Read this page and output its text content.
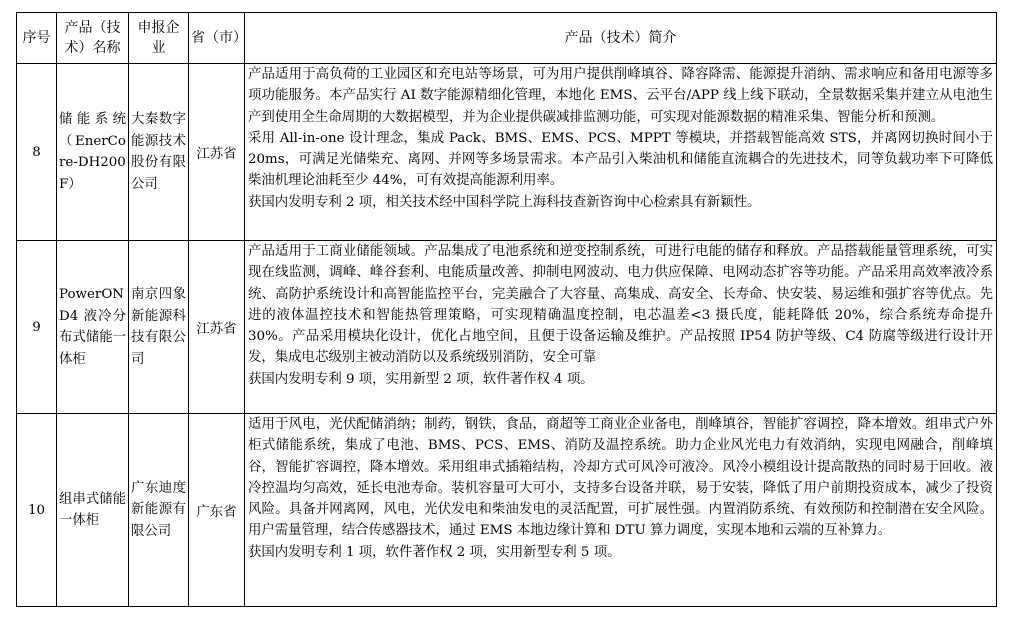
序号	产品（技术）名称	申报企业	省（市）	产品（技术）简介
8	储能系统（EnerCore-DH200F）	大秦数字能源技术股份有限公司	江苏省	产品适用于高负荷的工业园区和充电站等场景，可为用户提供削峰填谷、降容降需、能源提升消纳、需求响应和备用电源等多项功能服务。本产品实行 AI 数字能源精细化管理，本地化 EMS、云平台/APP 线上线下联动，全景数据采集并建立从电池生产到使用全生命周期的大数据模型，并为企业提供碳减排监测功能，可实现对能源数据的精准采集、智能分析和预测。

采用 All-in-one 设计理念，集成 Pack、BMS、EMS、PCS、MPPT 等模块，并搭载智能高效 STS，并离网切换时间小于 20ms，可满足光储柴充、离网、并网等多场景需求。本产品引入柴油机和储能直流耦合的先进技术，同等负载功率下可降低柴油机理论油耗至少 44%，可有效提高能源利用率。

获国内发明专利 2 项，相关技术经中国科学院上海科技查新咨询中心检索具有新颖性。

9	PowerOND4 液冷分布式储能一体柜	南京四象新能源科技有限公司	江苏省	产品适用于工商业储能领域。产品集成了电池系统和逆变控制系统，可进行电能的储存和释放。产品搭载能量管理系统，可实现在线监测，调峰、峰谷套利、电能质量改善、抑制电网波动、电力供应保障、电网动态扩容等功能。产品采用高效率液冷系统、高防护系统设计和高智能监控平台，完美融合了大容量、高集成、高安全、长寿命、快安装、易运维和强扩容等优点。先进的液体温控技术和智能热管理策略，可实现精确温度控制，电芯温差<3 摄氏度，能耗降低 20%，综合系统寿命提升 30%。产品采用模块化设计，优化占地空间，且便于设备运输及维护。产品按照 IP54 防护等级、C4 防腐等级进行设计开发，集成电芯级别主被动消防以及系统级别消防，安全可靠

获国内发明专利 9 项，实用新型 2 项，软件著作权 4 项。

10	组串式储能一体柜	广东迪度新能源有限公司	广东省	适用于风电，光伏配储消纳；制药，钢铁，食品，商超等工商业企业备电，削峰填谷，智能扩容调控，降本增效。组串式户外柜式储能系统，集成了电池、BMS、PCS、EMS、消防及温控系统。助力企业风光电力有效消纳，实现电网融合，削峰填谷，智能扩容调控，降本增效。采用组串式插箱结构，冷却方式可风冷可液冷。风冷小模组设计提高散热的同时易于回收。液冷控温均匀高效，延长电池寿命。装机容量可大可小，支持多台设备并联，易于安装，降低了用户前期投资成本，减少了投资风险。具备并网离网，风电，光伏发电和柴油发电的灵活配置，可扩展性强。内置消防系统、有效预防和控制潜在安全风险。用户需量管理，结合传感器技术，通过 EMS 本地边缘计算和 DTU 算力调度，实现本地和云端的互补算力。

获国内发明专利 1 项，软件著作权 2 项，实用新型专利 5 项。
